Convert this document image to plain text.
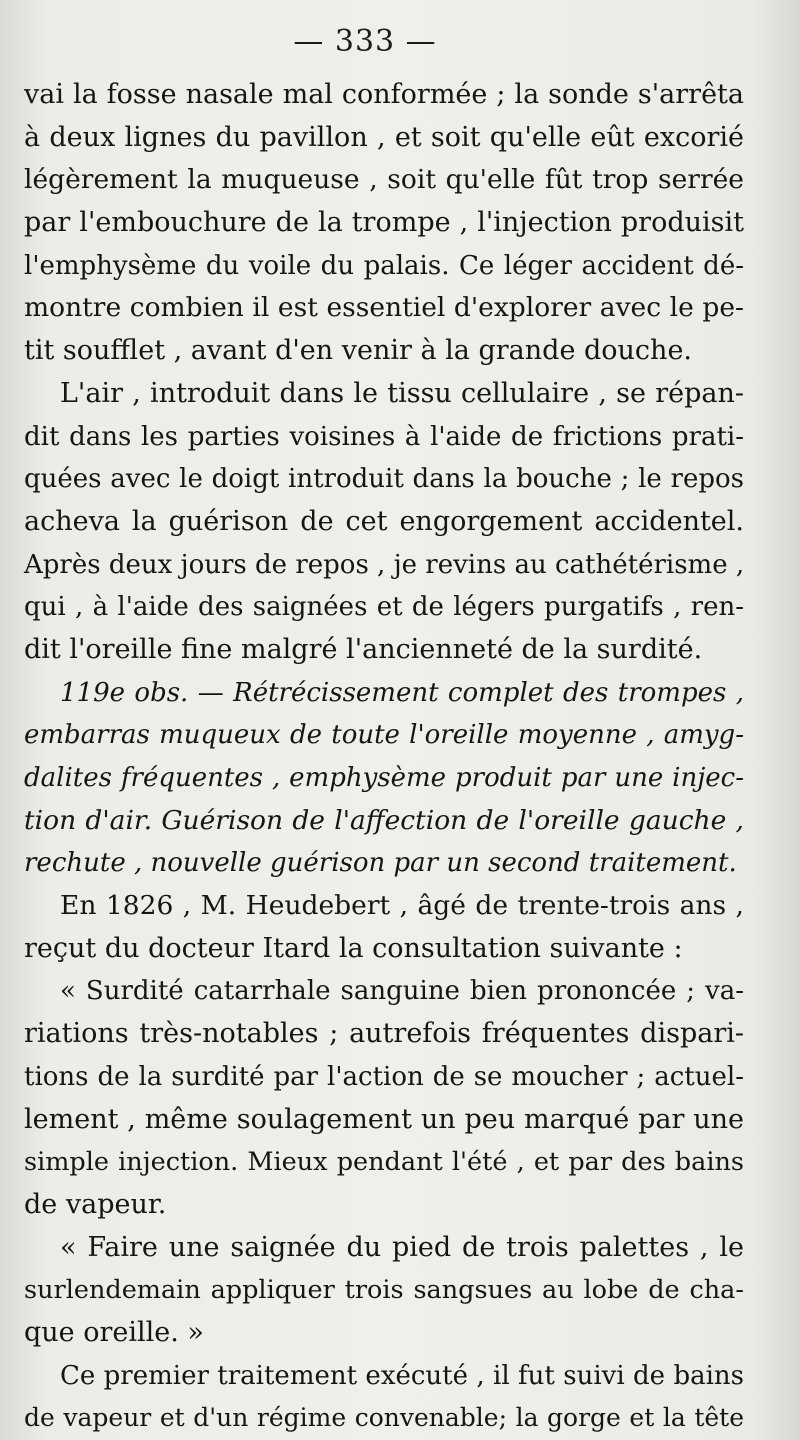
— 333 —
vai la fosse nasale mal conformée ; la sonde s'arrêta
à deux lignes du pavillon , et soit qu'elle eût excorié
légèrement la muqueuse , soit qu'elle fût trop serrée
par l'embouchure de la trompe , l'injection produisit
l'emphysème du voile du palais. Ce léger accident dé-
montre combien il est essentiel d'explorer avec le pe-
tit soufflet , avant d'en venir à la grande douche.
L'air , introduit dans le tissu cellulaire , se répan-
dit dans les parties voisines à l'aide de frictions prati-
quées avec le doigt introduit dans la bouche ; le repos
acheva la guérison de cet engorgement accidentel.
Après deux jours de repos , je revins au cathétérisme ,
qui , à l'aide des saignées et de légers purgatifs , ren-
dit l'oreille fine malgré l'ancienneté de la surdité.
119e obs. — Rétrécissement complet des trompes ,
embarras muqueux de toute l'oreille moyenne , amyg-
dalites fréquentes , emphysème produit par une injec-
tion d'air. Guérison de l'affection de l'oreille gauche ,
rechute , nouvelle guérison par un second traitement.
En 1826 , M. Heudebert , âgé de trente-trois ans ,
reçut du docteur Itard la consultation suivante :
« Surdité catarrhale sanguine bien prononcée ; va-
riations très-notables ; autrefois fréquentes dispari-
tions de la surdité par l'action de se moucher ; actuel-
lement , même soulagement un peu marqué par une
simple injection. Mieux pendant l'été , et par des bains
de vapeur.
« Faire une saignée du pied de trois palettes , le
surlendemain appliquer trois sangsues au lobe de cha-
que oreille. »
Ce premier traitement exécuté , il fut suivi de bains
de vapeur et d'un régime convenable; la gorge et la tête
